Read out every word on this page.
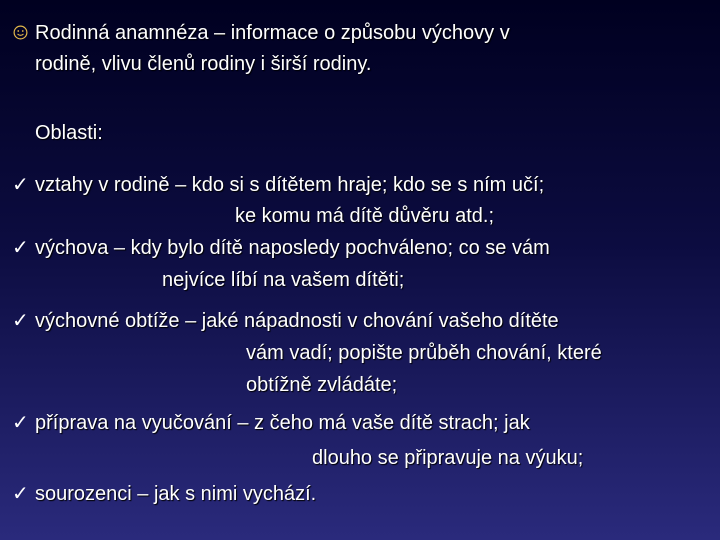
Rodinná anamnéza – informace o způsobu výchovy v
rodině, vlivu členů rodiny i širší rodiny.
Oblasti:
✓ vztahy v rodině – kdo si s dítětem hraje; kdo se s ním učí;
ke komu má dítě důvěru atd.;
✓ výchova – kdy bylo dítě naposledy pochváleno; co se vám
nejvíce líbí na vašem dítěti;
✓ výchovné obtíže – jaké nápadnosti v chování vašeho dítěte
vám vadí; popište průběh chování, které
obtížně zvládáte;
✓ příprava na vyučování – z čeho má vaše dítě strach; jak
dlouho se připravuje na výuku;
✓ sourozenci – jak s nimi vychází.
